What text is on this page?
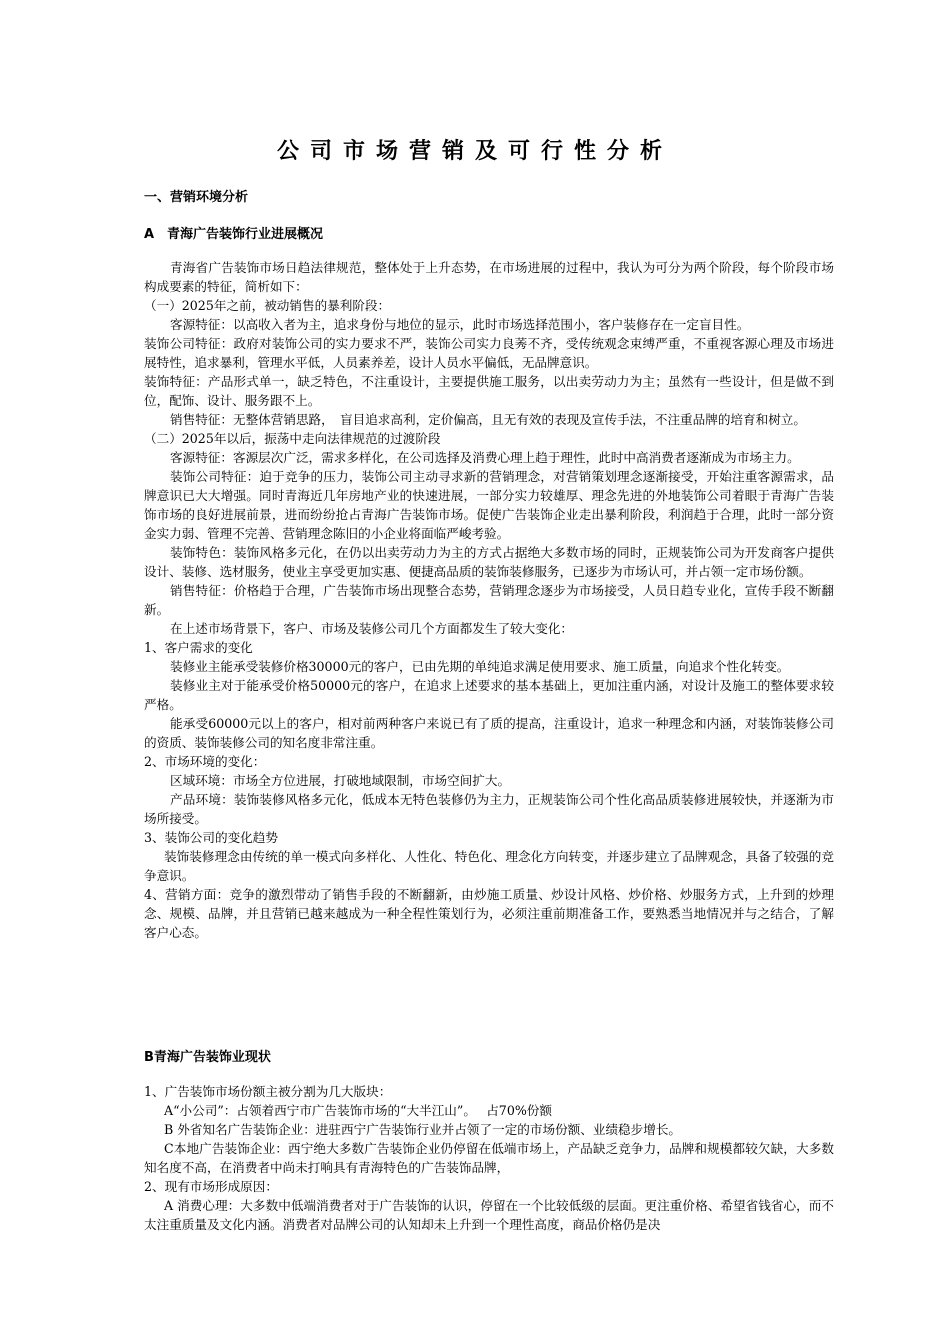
公司市场营销及可行性分析
一、营销环境分析
A　青海广告装饰行业进展概况

青海省广告装饰市场日趋法律规范，整体处于上升态势，在市场进展的过程中，我认为可分为两个阶段，每个阶段市场构成要素的特征，简析如下：

（一）2025年之前，被动销售的暴利阶段：

客源特征：以高收入者为主，追求身份与地位的显示，此时市场选择范围小，客户装修存在一定盲目性。

装饰公司特征：政府对装饰公司的实力要求不严，装饰公司实力良莠不齐，受传统观念束缚严重，不重视客源心理及市场进展特性，追求暴利，管理水平低，人员素养差，设计人员水平偏低，无品牌意识。

装饰特征：产品形式单一，缺乏特色，不注重设计，主要提供施工服务，以出卖劳动力为主；虽然有一些设计，但是做不到位，配饰、设计、服务跟不上。

销售特征：无整体营销思路，　盲目追求高利，定价偏高，且无有效的表现及宣传手法，不注重品牌的培育和树立。

（二）2025年以后，振荡中走向法律规范的过渡阶段

客源特征：客源层次广泛，需求多样化，在公司选择及消费心理上趋于理性，此时中高消费者逐渐成为市场主力。

装饰公司特征：迫于竞争的压力，装饰公司主动寻求新的营销理念，对营销策划理念逐渐接受，开始注重客源需求，品牌意识已大大增强。同时青海近几年房地产业的快速进展，一部分实力较雄厚、理念先进的外地装饰公司着眼于青海广告装饰市场的良好进展前景，进而纷纷抢占青海广告装饰市场。促使广告装饰企业走出暴利阶段，利润趋于合理，此时一部分资金实力弱、管理不完善、营销理念陈旧的小企业将面临严峻考验。

装饰特色：装饰风格多元化，在仍以出卖劳动力为主的方式占据绝大多数市场的同时，正规装饰公司为开发商客户提供设计、装修、选材服务，使业主享受更加实惠、便捷高品质的装饰装修服务，已逐步为市场认可，并占领一定市场份额。

销售特征：价格趋于合理，广告装饰市场出现整合态势，营销理念逐步为市场接受，人员日趋专业化，宣传手段不断翻新。

在上述市场背景下，客户、市场及装修公司几个方面都发生了较大变化：

1、客户需求的变化

装修业主能承受装修价格30000元的客户，已由先期的单纯追求满足使用要求、施工质量，向追求个性化转变。

装修业主对于能承受价格50000元的客户，在追求上述要求的基本基础上，更加注重内涵，对设计及施工的整体要求较严格。

能承受60000元以上的客户，相对前两种客户来说已有了质的提高，注重设计，追求一种理念和内涵，对装饰装修公司的资质、装饰装修公司的知名度非常注重。

2、市场环境的变化：

区域环境：市场全方位进展，打破地域限制，市场空间扩大。

产品环境：装饰装修风格多元化，低成本无特色装修仍为主力，正规装饰公司个性化高品质装修进展较快，并逐渐为市场所接受。

3、装饰公司的变化趋势

装饰装修理念由传统的单一模式向多样化、人性化、特色化、理念化方向转变，并逐步建立了品牌观念，具备了较强的竞争意识。

4、营销方面：竞争的激烈带动了销售手段的不断翻新，由炒施工质量、炒设计风格、炒价格、炒服务方式，上升到的炒理念、规模、品牌，并且营销已越来越成为一种全程性策划行为，必须注重前期准备工作，要熟悉当地情况并与之结合，了解客户心态。

B青海广告装饰业现状

1、广告装饰市场份额主被分割为几大版块：

A“小公司”：占领着西宁市广告装饰市场的“大半江山”。　 占70%份额

B 外省知名广告装饰企业：进驻西宁广告装饰行业并占领了一定的市场份额、业绩稳步增长。

C本地广告装饰企业：西宁绝大多数广告装饰企业仍停留在低端市场上，产品缺乏竞争力，品牌和规模都较欠缺，大多数知名度不高，在消费者中尚未打响具有青海特色的广告装饰品牌，

2、现有市场形成原因：

A 消费心理：大多数中低端消费者对于广告装饰的认识，停留在一个比较低级的层面。更注重价格、希望省钱省心，而不太注重质量及文化内涵。消费者对品牌公司的认知却未上升到一个理性高度，商品价格仍是决
